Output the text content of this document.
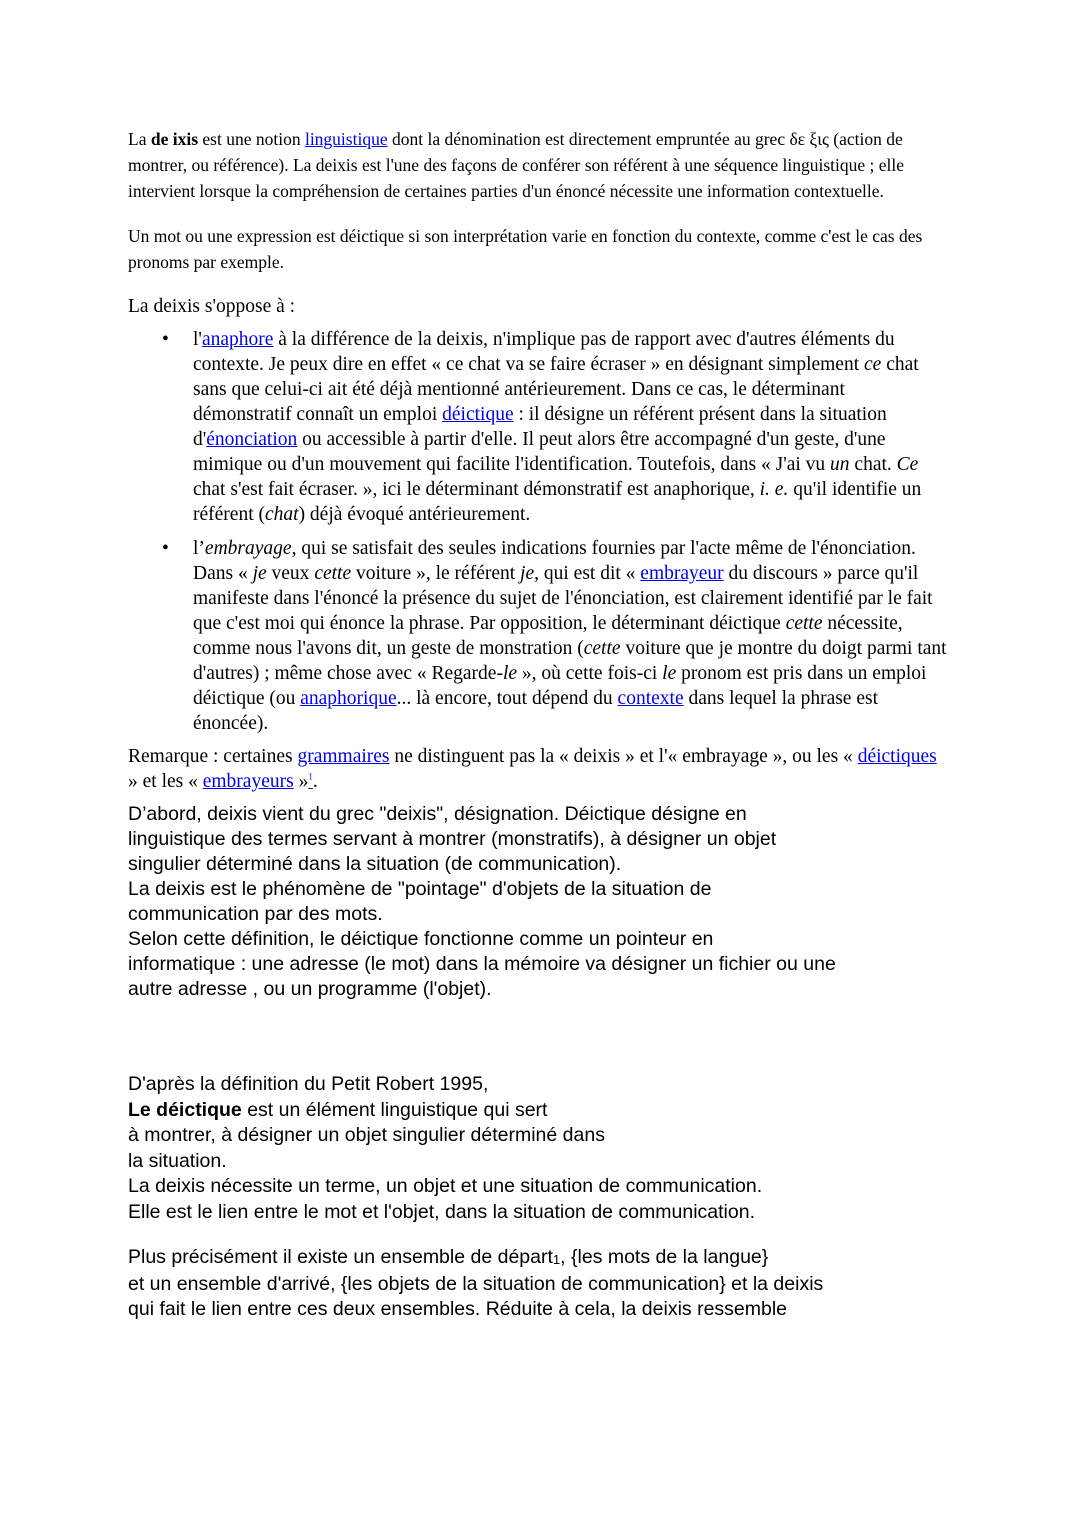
La de ixis est une notion linguistique dont la dénomination est directement empruntée au grec δε ξις (action de montrer, ou référence). La deixis est l'une des façons de conférer son référent à une séquence linguistique ; elle intervient lorsque la compréhension de certaines parties d'un énoncé nécessite une information contextuelle.

Un mot ou une expression est déictique si son interprétation varie en fonction du contexte, comme c'est le cas des pronoms par exemple.

La deixis s'oppose à :

• l'anaphore à la différence de la deixis, n'implique pas de rapport avec d'autres éléments du contexte. Je peux dire en effet « ce chat va se faire écraser » en désignant simplement ce chat sans que celui-ci ait été déjà mentionné antérieurement. Dans ce cas, le déterminant démonstratif connaît un emploi déictique : il désigne un référent présent dans la situation d'énonciation ou accessible à partir d'elle. Il peut alors être accompagné d'un geste, d'une mimique ou d'un mouvement qui facilite l'identification. Toutefois, dans « J'ai vu un chat. Ce chat s'est fait écraser. », ici le déterminant démonstratif est anaphorique, i. e. qu'il identifie un référent (chat) déjà évoqué antérieurement.
• l’embrayage, qui se satisfait des seules indications fournies par l'acte même de l'énonciation. Dans « je veux cette voiture », le référent je, qui est dit « embrayeur du discours » parce qu'il manifeste dans l'énoncé la présence du sujet de l'énonciation, est clairement identifié par le fait que c'est moi qui énonce la phrase. Par opposition, le déterminant déictique cette nécessite, comme nous l'avons dit, un geste de monstration (cette voiture que je montre du doigt parmi tant d'autres) ; même chose avec « Regarde-le », où cette fois-ci le pronom est pris dans un emploi déictique (ou anaphorique... là encore, tout dépend du contexte dans lequel la phrase est énoncée).

Remarque : certaines grammaires ne distinguent pas la « deixis » et l'« embrayage », ou les « déictiques » et les « embrayeurs »$^1$.

D’abord, deixis vient du grec "deixis", désignation. Déictique désigne en
linguistique des termes servant à montrer (monstratifs), à désigner un objet
singulier déterminé dans la situation (de communication).
La deixis est le phénomène de "pointage" d'objets de la situation de
communication par des mots.
Selon cette définition, le déictique fonctionne comme un pointeur en
informatique : une adresse (le mot) dans la mémoire va désigner un fichier ou une
autre adresse , ou un programme (l'objet).
D'après la définition du Petit Robert 1995,
Le déictique est un élément linguistique qui sert
à montrer, à désigner un objet singulier déterminé dans
la situation.
La deixis nécessite un terme, un objet et une situation de communication.
Elle est le lien entre le mot et l'objet, dans la situation de communication.
Plus précisément il existe un ensemble de départ$_1$, {les mots de la langue}
et un ensemble d'arrivé, {les objets de la situation de communication} et la deixis
qui fait le lien entre ces deux ensembles. Réduite à cela, la deixis ressemble
